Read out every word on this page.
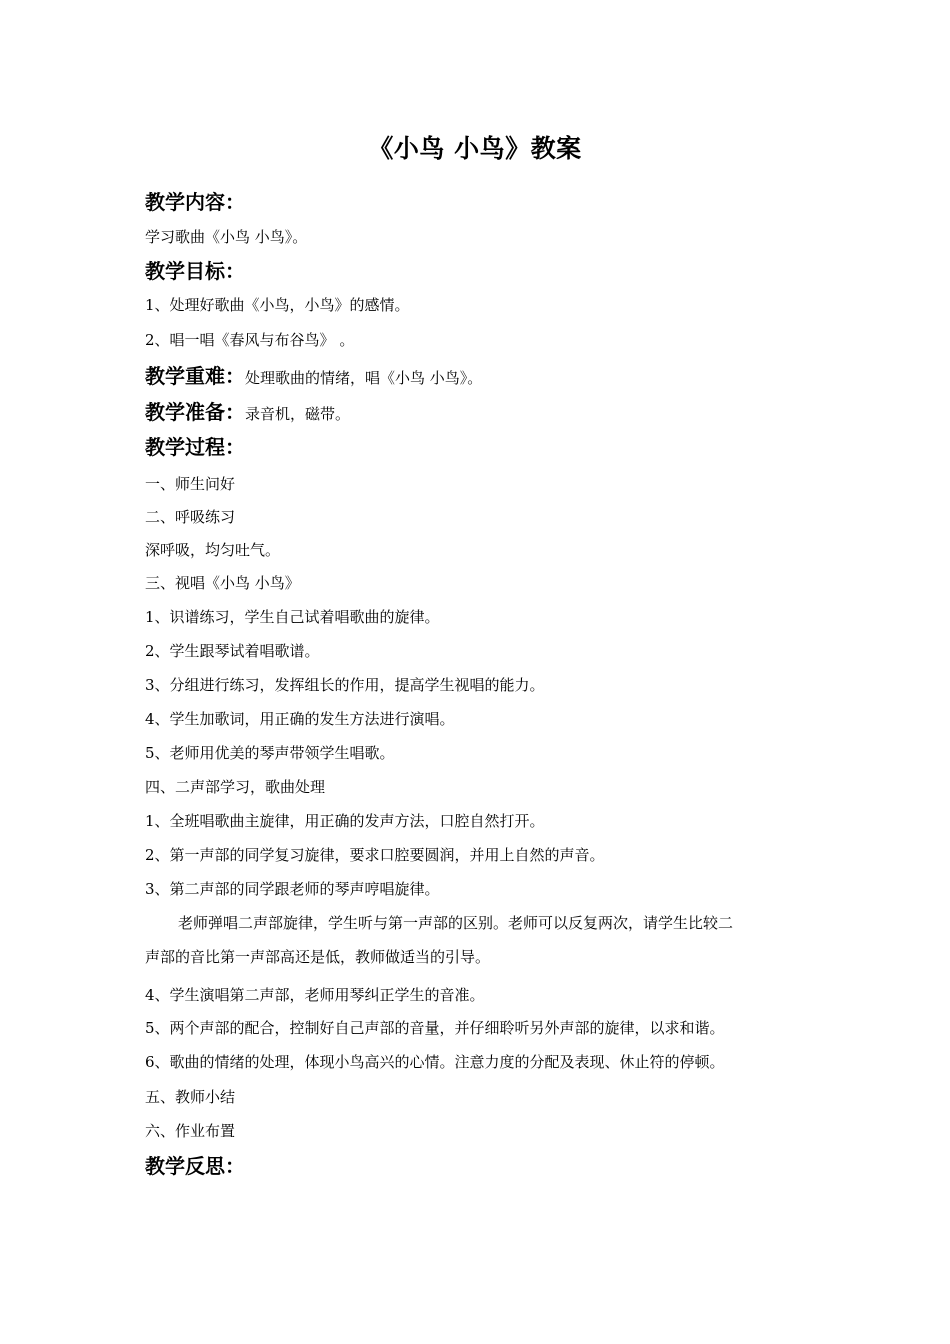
《小鸟 小鸟》教案
教学内容：
学习歌曲《小鸟 小鸟》。
教学目标：
1、处理好歌曲《小鸟，小鸟》的感情。
2、唱一唱《春风与布谷鸟》 。
教学重难：处理歌曲的情绪，唱《小鸟 小鸟》。
教学准备：录音机，磁带。
教学过程：
一、师生问好
二、呼吸练习
深呼吸，均匀吐气。
三、视唱《小鸟 小鸟》
1、识谱练习，学生自己试着唱歌曲的旋律。
2、学生跟琴试着唱歌谱。
3、分组进行练习，发挥组长的作用，提高学生视唱的能力。
4、学生加歌词，用正确的发生方法进行演唱。
5、老师用优美的琴声带领学生唱歌。
四、二声部学习，歌曲处理
1、全班唱歌曲主旋律，用正确的发声方法，口腔自然打开。
2、第一声部的同学复习旋律，要求口腔要圆润，并用上自然的声音。
3、第二声部的同学跟老师的琴声哼唱旋律。
老师弹唱二声部旋律，学生听与第一声部的区别。老师可以反复两次，请学生比较二
声部的音比第一声部高还是低，教师做适当的引导。
4、学生演唱第二声部，老师用琴纠正学生的音准。
5、两个声部的配合，控制好自己声部的音量，并仔细聆听另外声部的旋律，以求和谐。
6、歌曲的情绪的处理，体现小鸟高兴的心情。注意力度的分配及表现、休止符的停顿。
五、教师小结
六、作业布置
教学反思：
